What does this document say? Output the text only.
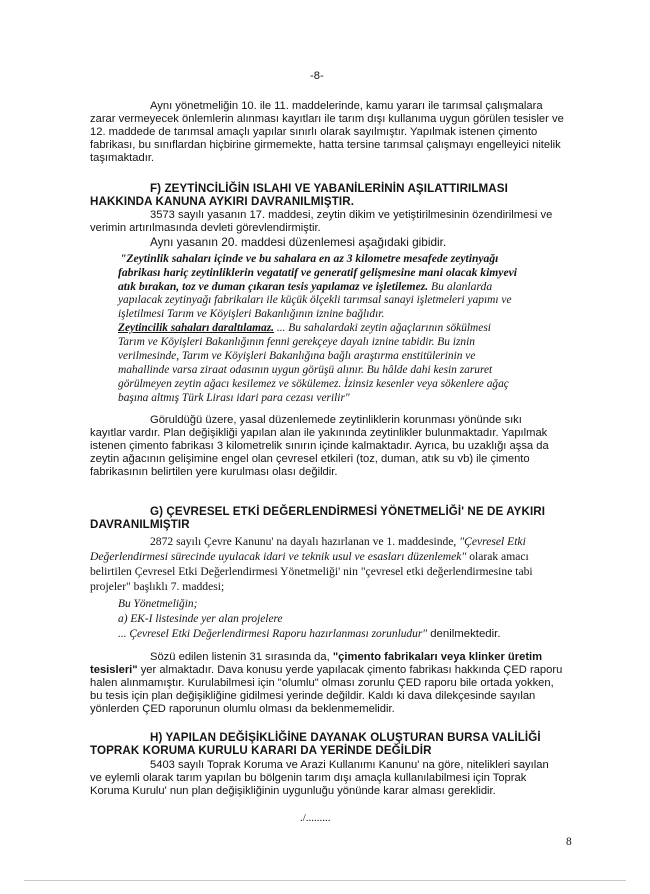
-8-
Aynı yönetmeliğin 10. ile 11. maddelerinde, kamu yararı ile tarımsal çalışmalara
zarar vermeyecek önlemlerin alınması kayıtları ile tarım dışı kullanıma uygun görülen tesisler ve
12. maddede de tarımsal amaçlı yapılar sınırlı olarak sayılmıştır. Yapılmak istenen çimento
fabrikası, bu sınıflardan hiçbirine girmemekte, hatta tersine tarımsal çalışmayı engelleyici nitelik
taşımaktadır.
F) ZEYTİNCİLİĞİN ISLAHI VE YABANİLERİNİN AŞILATTIRILMASI
HAKKINDA KANUNA AYKIRI DAVRANILMIŞTIR.
3573 sayılı yasanın 17. maddesi, zeytin dikim ve yetiştirilmesinin özendirilmesi ve
verimin artırılmasında devleti görevlendirmiştir.
Aynı yasanın 20. maddesi düzenlemesi aşağıdaki gibidir.
"Zeytinlik sahaları içinde ve bu sahalara en az 3 kilometre mesafede zeytinyağı
fabrikası hariç zeytinliklerin vegatatif ve generatif gelişmesine mani olacak kimyevi
atık bırakan, toz ve duman çıkaran tesis yapılamaz ve işletilemez. Bu alanlarda
yapılacak zeytinyağı fabrikaları ile küçük ölçekli tarımsal sanayi işletmeleri yapımı ve
işletilmesi Tarım ve Köyişleri Bakanlığının iznine bağlıdır.
Zeytincilik sahaları daraltılamaz. ... Bu sahalardaki zeytin ağaçlarının sökülmesi
Tarım ve Köyişleri Bakanlığının fenni gerekçeye dayalı iznine tabidir. Bu iznin
verilmesinde, Tarım ve Köyişleri Bakanlığına bağlı araştırma enstitülerinin ve
mahallinde varsa ziraat odasının uygun görüşü alınır. Bu hâlde dahi kesin zaruret
görülmeyen zeytin ağacı kesilemez ve sökülemez. İzinsiz kesenler veya sökenlere ağaç
başına altmış Türk Lirası idari para cezası verilir"
Göruldüğü üzere, yasal düzenlemede zeytinliklerin korunması yönünde sıkı
kayıtlar vardır. Plan değişikliği yapılan alan ile yakınında zeytinlikler bulunmaktadır. Yapılmak
istenen çimento fabrikası 3 kilometrelik sınırın içinde kalmaktadır. Ayrıca, bu uzaklığı aşsa da
zeytin ağacının gelişimine engel olan çevresel etkileri (toz, duman, atık su vb) ile çimento
fabrikasının belirtilen yere kurulması olası değildir.
G) ÇEVRESEL ETKİ DEĞERLENDİRMESİ YÖNETMELİĞİ' NE DE AYKIRI
DAVRANILMIŞTIR
2872 sayılı Çevre Kanunu' na dayalı hazırlanan ve 1. maddesinde, "Çevresel Etki
Değerlendirmesi sürecinde uyulacak idari ve teknik usul ve esasları düzenlemek" olarak amacı
belirtilen Çevresel Etki Değerlendirmesi Yönetmeliği' nin "çevresel etki değerlendirmesine tabi
projeler" başlıklı 7. maddesi;
Bu Yönetmeliğin;
a) EK-I listesinde yer alan projelere
... Çevresel Etki Değerlendirmesi Raporu hazırlanması zorunludur" denilmektedir.
Sözü edilen listenin 31 sırasında da, "çimento fabrikaları veya klinker üretim
tesisleri" yer almaktadır. Dava konusu yerde yapılacak çimento fabrikası hakkında ÇED raporu
halen alınmamıştır. Kurulabilmesi için "olumlu" olması zorunlu ÇED raporu bile ortada yokken,
bu tesis için plan değişikliğine gidilmesi yerinde değildir. Kaldı ki dava dilekçesinde sayılan
yönlerden ÇED raporunun olumlu olması da beklenmemelidir.
H) YAPILAN DEĞİŞİKLİĞİNE DAYANAK OLUŞTURAN BURSA VALİLİĞİ
TOPRAK KORUMA KURULU KARARI DA YERİNDE DEĞİLDİR
5403 sayılı Toprak Koruma ve Arazi Kullanımı Kanunu' na göre, nitelikleri sayılan
ve eylemli olarak tarım yapılan bu bölgenin tarım dışı amaçla kullanılabilmesi için Toprak
Koruma Kurulu' nun plan değişikliğinin uygunluğu yönünde karar alması gereklidir.
./.........
8
